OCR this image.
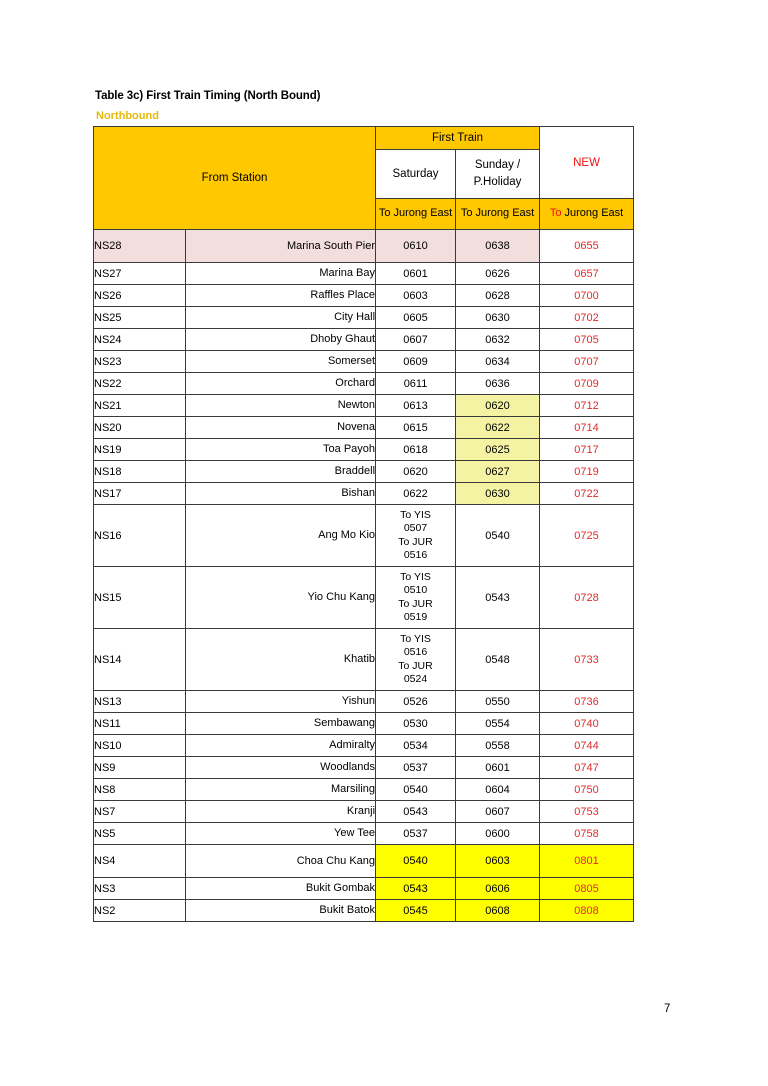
Table 3c) First Train Timing (North Bound)
Northbound
From Station		First Train		NEW
		Saturday	Sunday /
P.Holiday	

		To Jurong East	To Jurong East	To Jurong East
NS28	Marina South Pier	0610	0638	0655
NS27	Marina Bay	0601	0626	0657
NS26	Raffles Place	0603	0628	0700
NS25	City Hall	0605	0630	0702
NS24	Dhoby Ghaut	0607	0632	0705
NS23	Somerset	0609	0634	0707
NS22	Orchard	0611	0636	0709
NS21	Newton	0613	0620	0712
NS20	Novena	0615	0622	0714
NS19	Toa Payoh	0618	0625	0717
NS18	Braddell	0620	0627	0719
NS17	Bishan	0622	0630	0722
NS16	Ang Mo Kio	To YIS
0507
To JUR
0516	0540	0725
NS15	Yio Chu Kang	To YIS
0510
To JUR
0519	0543	0728
NS14	Khatib	To YIS
0516
To JUR
0524	0548	0733
NS13	Yishun	0526	0550	0736
NS11	Sembawang	0530	0554	0740
NS10	Admiralty	0534	0558	0744
NS9	Woodlands	0537	0601	0747
NS8	Marsiling	0540	0604	0750
NS7	Kranji	0543	0607	0753
NS5	Yew Tee	0537	0600	0758
NS4	Choa Chu Kang	0540	0603	0801
NS3	Bukit Gombak	0543	0606	0805
NS2	Bukit Batok	0545	0608	0808
7
